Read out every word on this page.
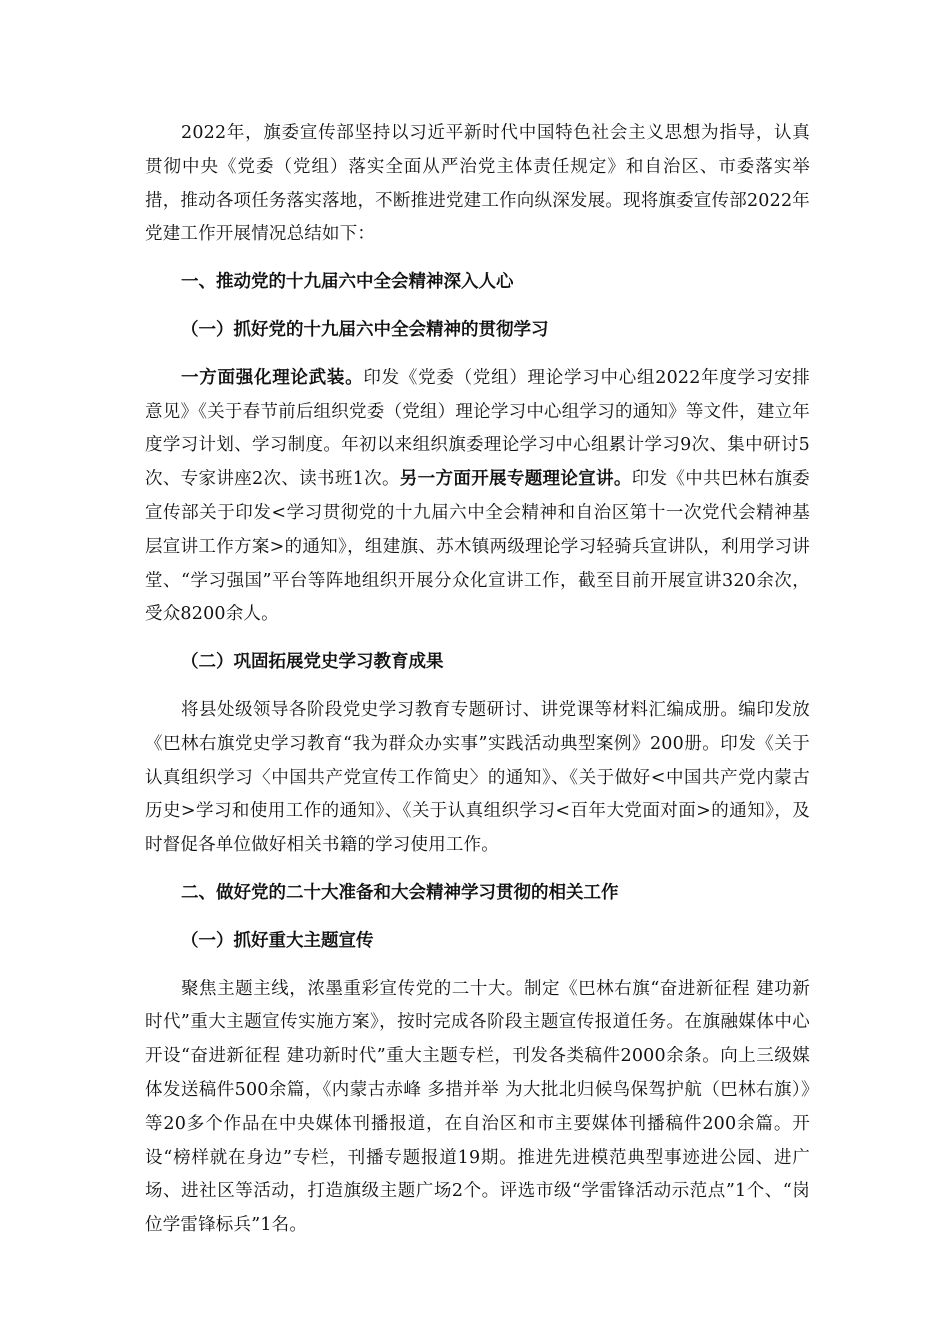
2022年，旗委宣传部坚持以习近平新时代中国特色社会主义思想为指导，认真贯彻中央《党委（党组）落实全面从严治党主体责任规定》和自治区、市委落实举措，推动各项任务落实落地，不断推进党建工作向纵深发展。现将旗委宣传部2022年党建工作开展情况总结如下：

一、推动党的十九届六中全会精神深入人心

（一）抓好党的十九届六中全会精神的贯彻学习

一方面强化理论武装。印发《党委（党组）理论学习中心组2022年度学习安排意见》《关于春节前后组织党委（党组）理论学习中心组学习的通知》等文件，建立年度学习计划、学习制度。年初以来组织旗委理论学习中心组累计学习9次、集中研讨5次、专家讲座2次、读书班1次。另一方面开展专题理论宣讲。印发《中共巴林右旗委宣传部关于印发<学习贯彻党的十九届六中全会精神和自治区第十一次党代会精神基层宣讲工作方案>的通知》，组建旗、苏木镇两级理论学习轻骑兵宣讲队，利用学习讲堂、“学习强国”平台等阵地组织开展分众化宣讲工作，截至目前开展宣讲320余次，受众8200余人。

（二）巩固拓展党史学习教育成果

将县处级领导各阶段党史学习教育专题研讨、讲党课等材料汇编成册。编印发放《巴林右旗党史学习教育“我为群众办实事”实践活动典型案例》200册。印发《关于认真组织学习〈中国共产党宣传工作简史〉的通知》、《关于做好<中国共产党内蒙古历史>学习和使用工作的通知》、《关于认真组织学习<百年大党面对面>的通知》，及时督促各单位做好相关书籍的学习使用工作。

二、做好党的二十大准备和大会精神学习贯彻的相关工作

（一）抓好重大主题宣传

聚焦主题主线，浓墨重彩宣传党的二十大。制定《巴林右旗“奋进新征程 建功新时代”重大主题宣传实施方案》，按时完成各阶段主题宣传报道任务。在旗融媒体中心开设“奋进新征程 建功新时代”重大主题专栏，刊发各类稿件2000余条。向上三级媒体发送稿件500余篇，《内蒙古赤峰 多措并举 为大批北归候鸟保驾护航（巴林右旗）》等20多个作品在中央媒体刊播报道，在自治区和市主要媒体刊播稿件200余篇。开设“榜样就在身边”专栏，刊播专题报道19期。推进先进模范典型事迹进公园、进广场、进社区等活动，打造旗级主题广场2个。评选市级“学雷锋活动示范点”1个、“岗位学雷锋标兵”1名。
